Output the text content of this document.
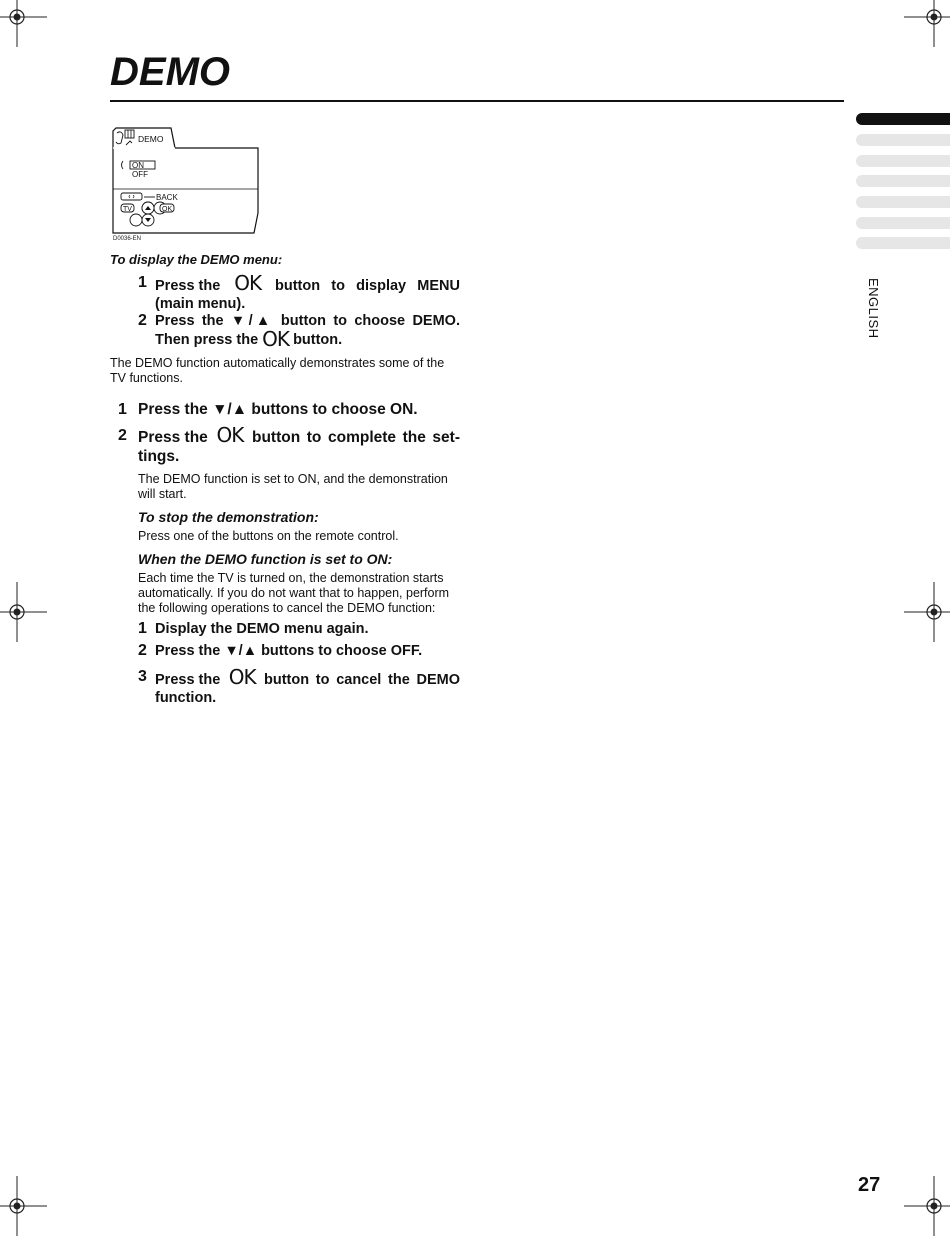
DEMO
ENGLISH
DEMO
ON
OFF
BACK
TV	OK
D0036-EN
To display the DEMO menu:
1 Press the OK button to display MENU
(main menu).
2 Press the ▼/▲ button to choose DEMO.
Then press the OK button.
The DEMO function automatically demonstrates some of the TV functions.
1 Press the ▼/▲ buttons to choose ON.
2 Press the OK button to complete the set-
tings.
The DEMO function is set to ON, and the demonstration will start.
To stop the demonstration:
Press one of the buttons on the remote control.
When the DEMO function is set to ON:
Each time the TV is turned on, the demonstration starts automatically. If you do not want that to happen, perform the following operations to cancel the DEMO function:
1 Display the DEMO menu again.
2 Press the ▼/▲ buttons to choose OFF.
3 Press the OK button to cancel the DEMO
function.
27
